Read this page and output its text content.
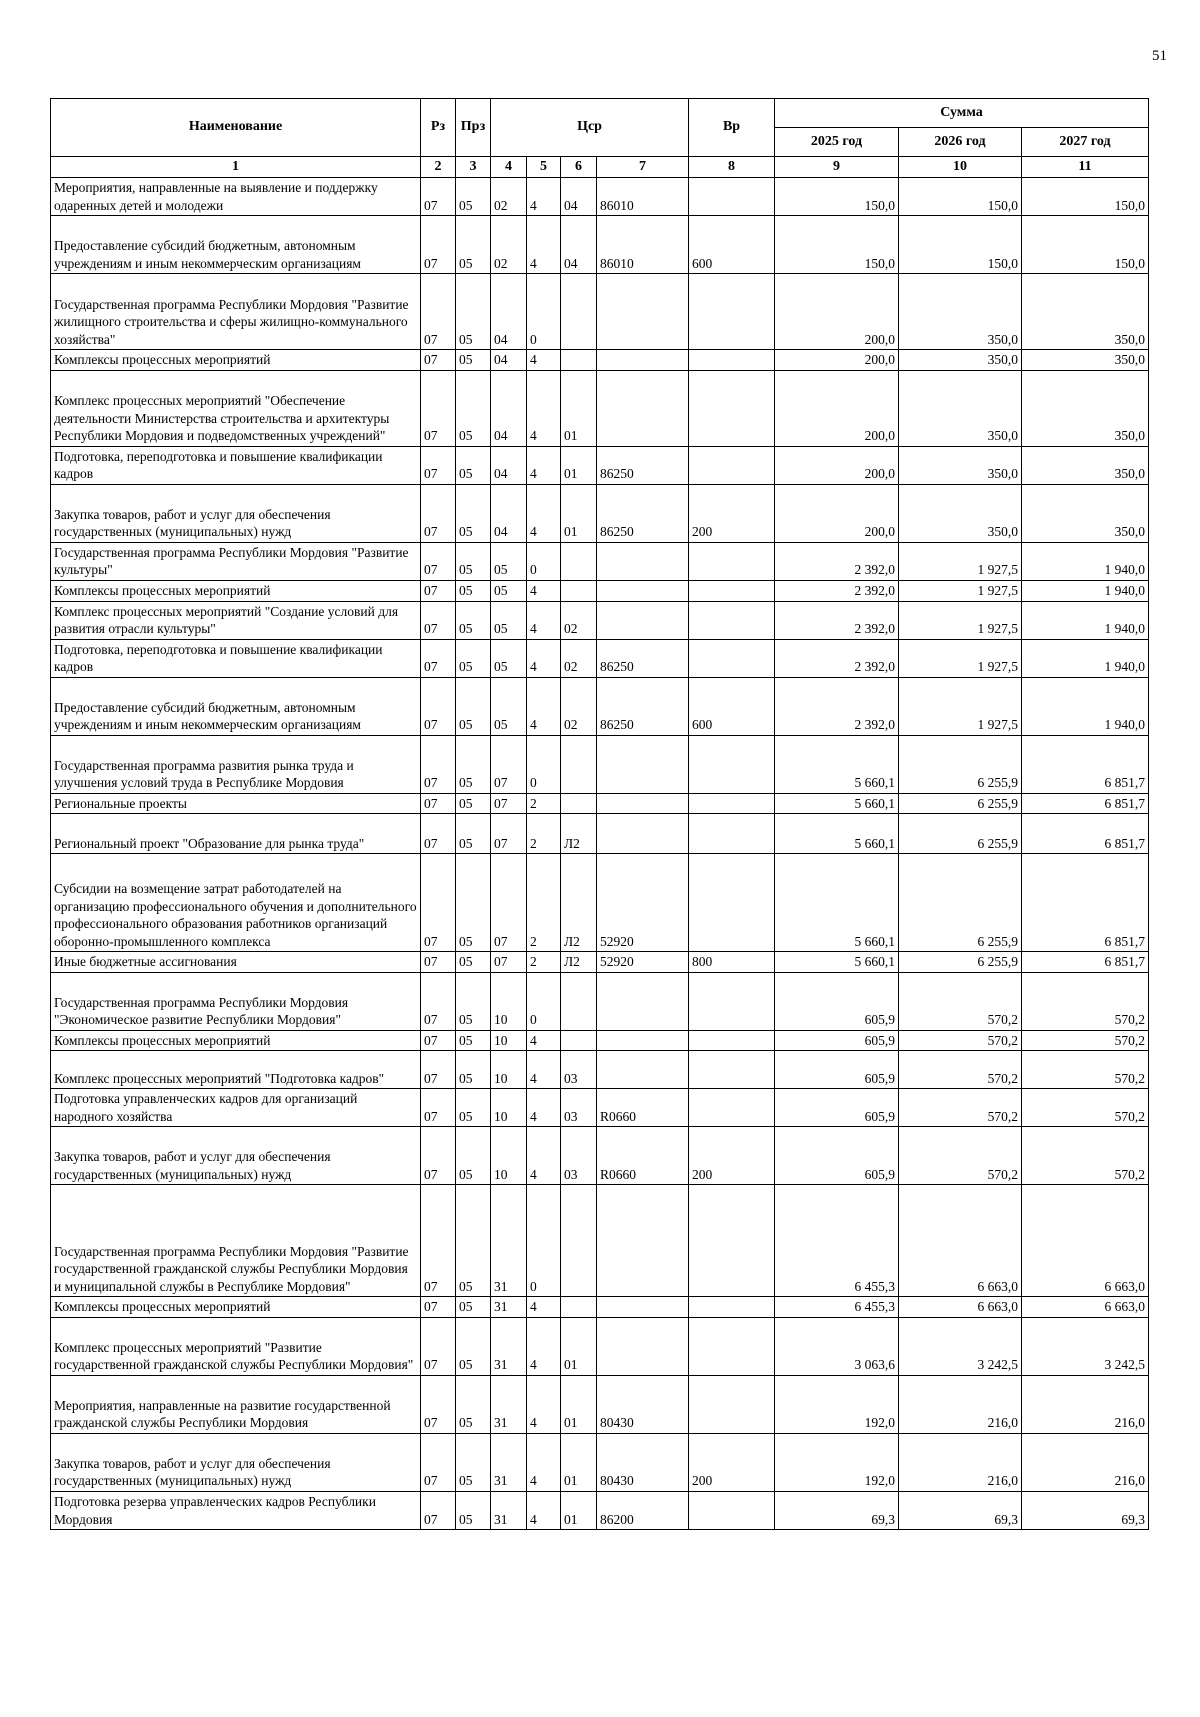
51
Наименование	Рз	Прз	Цср				Вр	Сумма		
								2025 год	2026 год	2027 год
1	2	3	4	5	6	7	8	9	10	11
Мероприятия, направленные на выявление и поддержку одаренных детей и молодежи	07	05	02	4	04	86010		150,0	150,0	150,0
Предоставление субсидий бюджетным, автономным учреждениям и иным некоммерческим организациям	07	05	02	4	04	86010	600	150,0	150,0	150,0
Государственная программа Республики Мордовия "Развитие жилищного строительства и сферы жилищно-коммунального хозяйства"	07	05	04	0				200,0	350,0	350,0
Комплексы процессных мероприятий	07	05	04	4				200,0	350,0	350,0
Комплекс процессных мероприятий "Обеспечение деятельности Министерства строительства и архитектуры Республики Мордовия и подведомственных учреждений"	07	05	04	4	01			200,0	350,0	350,0
Подготовка, переподготовка и повышение квалификации кадров	07	05	04	4	01	86250		200,0	350,0	350,0
Закупка товаров, работ и услуг для обеспечения государственных (муниципальных) нужд	07	05	04	4	01	86250	200	200,0	350,0	350,0
Государственная программа Республики Мордовия "Развитие культуры"	07	05	05	0				2 392,0	1 927,5	1 940,0
Комплексы процессных мероприятий	07	05	05	4				2 392,0	1 927,5	1 940,0
Комплекс процессных мероприятий "Создание условий для развития отрасли культуры"	07	05	05	4	02			2 392,0	1 927,5	1 940,0
Подготовка, переподготовка и повышение квалификации кадров	07	05	05	4	02	86250		2 392,0	1 927,5	1 940,0
Предоставление субсидий бюджетным, автономным учреждениям и иным некоммерческим организациям	07	05	05	4	02	86250	600	2 392,0	1 927,5	1 940,0
Государственная программа развития рынка труда и улучшения условий труда в Республике Мордовия	07	05	07	0				5 660,1	6 255,9	6 851,7
Региональные проекты	07	05	07	2				5 660,1	6 255,9	6 851,7
Региональный проект "Образование для рынка труда"	07	05	07	2	Л2			5 660,1	6 255,9	6 851,7
Субсидии на возмещение затрат работодателей на организацию профессионального обучения и дополнительного профессионального образования работников организаций оборонно-промышленного комплекса	07	05	07	2	Л2	52920		5 660,1	6 255,9	6 851,7
Иные бюджетные ассигнования	07	05	07	2	Л2	52920	800	5 660,1	6 255,9	6 851,7
Государственная программа Республики Мордовия "Экономическое развитие Республики Мордовия"	07	05	10	0				605,9	570,2	570,2
Комплексы процессных мероприятий	07	05	10	4				605,9	570,2	570,2
Комплекс процессных мероприятий "Подготовка кадров"	07	05	10	4	03			605,9	570,2	570,2
Подготовка управленческих кадров для организаций народного хозяйства	07	05	10	4	03	R0660		605,9	570,2	570,2
Закупка товаров, работ и услуг для обеспечения государственных (муниципальных) нужд	07	05	10	4	03	R0660	200	605,9	570,2	570,2
Государственная программа Республики Мордовия "Развитие государственной гражданской службы Республики Мордовия и муниципальной службы в Республике Мордовия"	07	05	31	0				6 455,3	6 663,0	6 663,0
Комплексы процессных мероприятий	07	05	31	4				6 455,3	6 663,0	6 663,0
Комплекс процессных мероприятий "Развитие государственной гражданской службы Республики Мордовия"	07	05	31	4	01			3 063,6	3 242,5	3 242,5
Мероприятия, направленные на развитие государственной гражданской службы Республики Мордовия	07	05	31	4	01	80430		192,0	216,0	216,0
Закупка товаров, работ и услуг для обеспечения государственных (муниципальных) нужд	07	05	31	4	01	80430	200	192,0	216,0	216,0
Подготовка резерва управленческих кадров Республики Мордовия	07	05	31	4	01	86200		69,3	69,3	69,3
